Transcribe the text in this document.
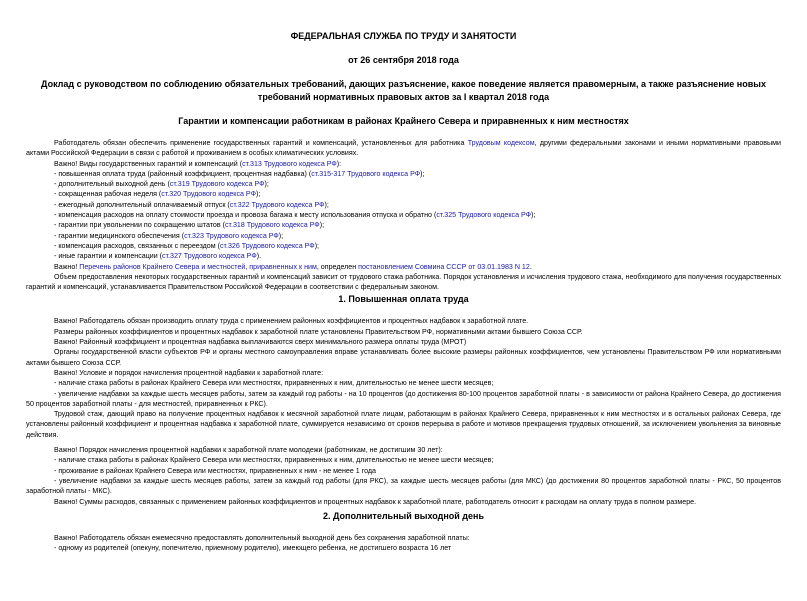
ФЕДЕРАЛЬНАЯ СЛУЖБА ПО ТРУДУ И ЗАНЯТОСТИ
от 26 сентября 2018 года
Доклад с руководством по соблюдению обязательных требований, дающих разъяснение, какое поведение является правомерным, а также разъяснение новых требований нормативных правовых актов за I квартал 2018 года
Гарантии и компенсации работникам в районах Крайнего Севера и приравненных к ним местностях

Работодатель обязан обеспечить применение государственных гарантий и компенсаций, установленных для работника Трудовым кодексом, другими федеральными законами и иными нормативными правовыми актами Российской Федерации в связи с работой и проживанием в особых климатических условиях.

Важно! Виды государственных гарантий и компенсаций (ст.313 Трудового кодекса РФ):

- повышенная оплата труда (районный коэффициент, процентная надбавка) (ст.315-317 Трудового кодекса РФ);

- дополнительный выходной день (ст.319 Трудового кодекса РФ);

- сокращенная рабочая неделя (ст.320 Трудового кодекса РФ);

- ежегодный дополнительный оплачиваемый отпуск (ст.322 Трудового кодекса РФ);

- компенсация расходов на оплату стоимости проезда и провоза багажа к месту использования отпуска и обратно (ст.325 Трудового кодекса РФ);

- гарантии при увольнении по сокращению штатов (ст.318 Трудового кодекса РФ);

- гарантии медицинского обеспечения (ст.323 Трудового кодекса РФ);

- компенсация расходов, связанных с переездом (ст.326 Трудового кодекса РФ);

- иные гарантии и компенсации (ст.327 Трудового кодекса РФ).

Важно! Перечень районов Крайнего Севера и местностей, приравненных к ним, определен постановлением Совмина СССР от 03.01.1983 N 12.

Объем предоставления некоторых государственных гарантий и компенсаций зависит от трудового стажа работника. Порядок установления и исчисления трудового стажа, необходимого для получения государственных гарантий и компенсаций, устанавливается Правительством Российской Федерации в соответствии с федеральным законом.

1. Повышенная оплата труда

Важно! Работодатель обязан производить оплату труда с применением районных коэффициентов и процентных надбавок к заработной плате.

Размеры районных коэффициентов и процентных надбавок к заработной плате установлены Правительством РФ, нормативными актами бывшего Союза ССР.

Важно! Районный коэффициент и процентная надбавка выплачиваются сверх минимального размера оплаты труда (МРОТ)

Органы государственной власти субъектов РФ и органы местного самоуправления вправе устанавливать более высокие размеры районных коэффициентов, чем установлены Правительством РФ или нормативными актами бывшего Союза ССР.

Важно! Условие и порядок начисления процентной надбавки к заработной плате:

- наличие стажа работы в районах Крайнего Севера или местностях, приравненных к ним, длительностью не менее шести месяцев;

- увеличение надбавки за каждые шесть месяцев работы, затем за каждый год работы - на 10 процентов (до достижения 80-100 процентов заработной платы - в зависимости от района Крайнего Севера, до достижения 50 процентов заработной платы - для местностей, приравненных к РКС).

Трудовой стаж, дающий право на получение процентных надбавок к месячной заработной плате лицам, работающим в районах Крайнего Севера, приравненных к ним местностях и в остальных районах Севера, где установлены районный коэффициент и процентная надбавка к заработной плате, суммируется независимо от сроков перерыва в работе и мотивов прекращения трудовых отношений, за исключением увольнения за виновные действия.

Важно! Порядок начисления процентной надбавки к заработной плате молодежи (работникам, не достигшим 30 лет):

- наличие стажа работы в районах Крайнего Севера или местностях, приравненных к ним, длительностью не менее шести месяцев;

- проживание в районах Крайнего Севера или местностях, приравненных к ним - не менее 1 года

- увеличение надбавки за каждые шесть месяцев работы, затем за каждый год работы (для РКС), за каждые шесть месяцев работы (для МКС) (до достижении 80 процентов заработной платы - РКС, 50 процентов заработной платы - МКС).

Важно! Суммы расходов, связанных с применением районных коэффициентов и процентных надбавок к заработной плате, работодатель относит к расходам на оплату труда в полном размере.

2. Дополнительный выходной день

Важно! Работодатель обязан ежемесячно предоставлять дополнительный выходной день без сохранения заработной платы:

- одному из родителей (опекуну, попечителю, приемному родителю), имеющего ребенка, не достигшего возраста 16 лет
